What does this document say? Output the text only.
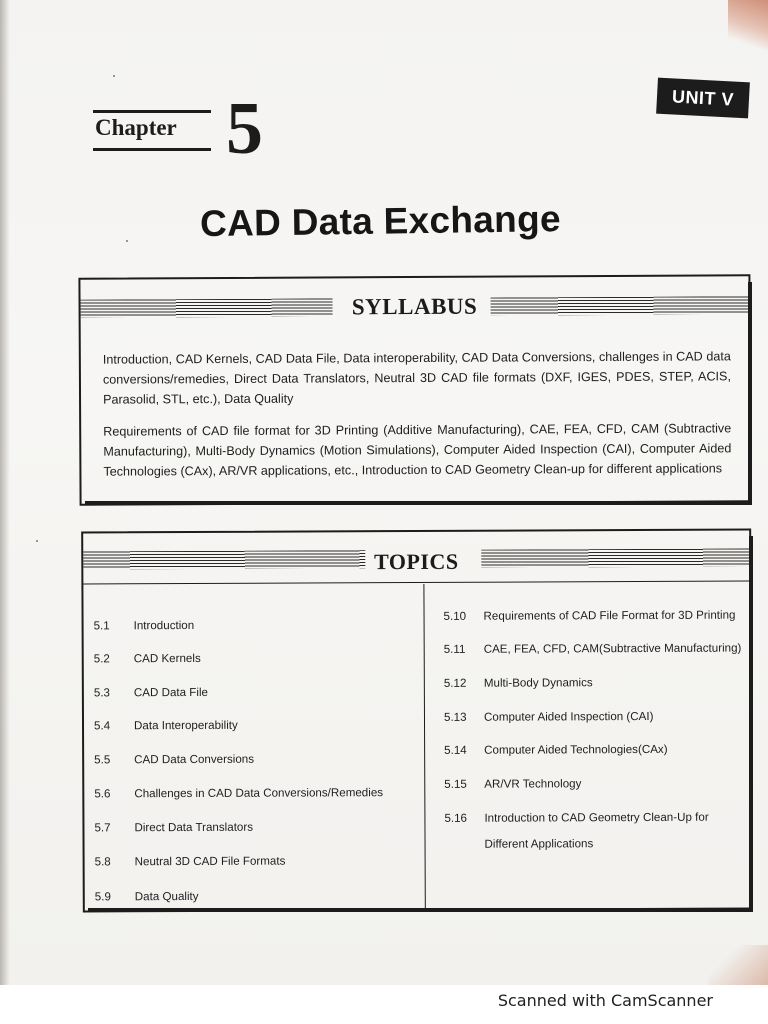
UNIT V
Chapter 5
CAD Data Exchange
SYLLABUS
Introduction, CAD Kernels, CAD Data File, Data interoperability, CAD Data Conversions, challenges in CAD data conversions/remedies, Direct Data Translators, Neutral 3D CAD file formats (DXF, IGES, PDES, STEP, ACIS, Parasolid, STL, etc.), Data Quality
Requirements of CAD file format for 3D Printing (Additive Manufacturing), CAE, FEA, CFD, CAM (Subtractive Manufacturing), Multi-Body Dynamics (Motion Simulations), Computer Aided Inspection (CAI), Computer Aided Technologies (CAx), AR/VR applications, etc., Introduction to CAD Geometry Clean-up for different applications
TOPICS
5.1 Introduction
5.2 CAD Kernels
5.3 CAD Data File
5.4 Data Interoperability
5.5 CAD Data Conversions
5.6 Challenges in CAD Data Conversions/Remedies
5.7 Direct Data Translators
5.8 Neutral 3D CAD File Formats
5.9 Data Quality
5.10 Requirements of CAD File Format for 3D Printing
5.11 CAE, FEA, CFD, CAM(Subtractive Manufacturing)
5.12 Multi-Body Dynamics
5.13 Computer Aided Inspection (CAI)
5.14 Computer Aided Technologies(CAx)
5.15 AR/VR Technology
5.16 Introduction to CAD Geometry Clean-Up for
Different Applications
Scanned with CamScanner
